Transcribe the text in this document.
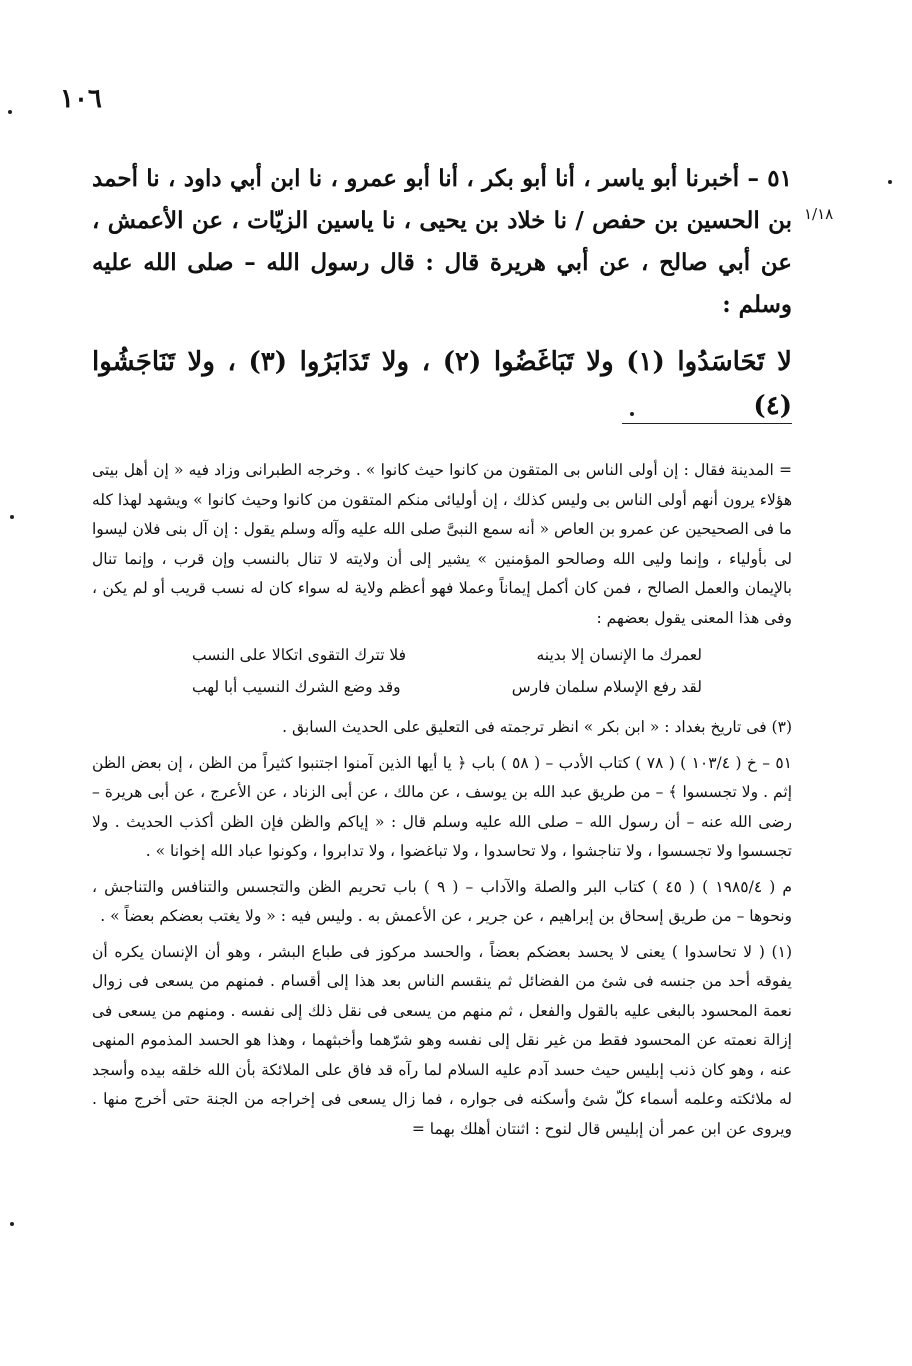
١٠٦
١/١٨
٥١ – أخبرنا أبو ياسر ، أنا أبو بكر ، أنا أبو عمرو ، نا ابن أبي داود ، نا أحمد بن الحسين بن حفص / نا خلاد بن يحيى ، نا ياسين الزيّات ، عن الأعمش ، عن أبي صالح ، عن أبي هريرة قال : قال رسول الله – صلى الله عليه وسلم :
لا تَحَاسَدُوا (١) ولا تَبَاغَضُوا (٢) ، ولا تَدَابَرُوا (٣) ، ولا تَنَاجَشُوا (٤)

= المدينة فقال : إن أولى الناس بى المتقون من كانوا حيث كانوا » . وخرجه الطبرانى وزاد فيه « إن أهل بيتى هؤلاء يرون أنهم أولى الناس بى وليس كذلك ، إن أوليائى منكم المتقون من كانوا وحيث كانوا » ويشهد لهذا كله ما فى الصحيحين عن عمرو بن العاص « أنه سمع النبىَّ صلى الله عليه وآله وسلم يقول : إن آل بنى فلان ليسوا لى بأولياء ، وإنما وليى الله وصالحو المؤمنين » يشير إلى أن ولايته لا تنال بالنسب وإن قرب ، وإنما تنال بالإيمان والعمل الصالح ، فمن كان أكمل إيماناً وعملا فهو أعظم ولاية له سواء كان له نسب قريب أو لم يكن ، وفى هذا المعنى يقول بعضهم :

لعمرك ما الإنسان إلا بدينه
فلا تترك التقوى اتكالا على النسب
لقد رفع الإسلام سلمان فارس
وقد وضع الشرك النسيب أبا لهب

(٣) فى تاريخ بغداد : « ابن بكر » انظر ترجمته فى التعليق على الحديث السابق .

٥١ – خ ( ١٠٣/٤ ) ( ٧٨ ) كتاب الأدب – ( ٥٨ ) باب ﴿ يا أيها الذين آمنوا اجتنبوا كثيراً من الظن ، إن بعض الظن إثم . ولا تجسسوا ﴾ – من طريق عبد الله بن يوسف ، عن مالك ، عن أبى الزناد ، عن الأعرج ، عن أبى هريرة – رضى الله عنه – أن رسول الله – صلى الله عليه وسلم قال : « إياكم والظن فإن الظن أكذب الحديث . ولا تجسسوا ولا تجسسوا ، ولا تناجشوا ، ولا تحاسدوا ، ولا تباغضوا ، ولا تدابروا ، وكونوا عباد الله إخوانا » .

م ( ١٩٨٥/٤ ) ( ٤٥ ) كتاب البر والصلة والآداب – ( ٩ ) باب تحريم الظن والتجسس والتنافس والتناجش ، ونحوها – من طريق إسحاق بن إبراهيم ، عن جرير ، عن الأعمش به . وليس فيه : « ولا يغتب بعضكم بعضاً » .

(١) ( لا تحاسدوا ) يعنى لا يحسد بعضكم بعضاً ، والحسد مركوز فى طباع البشر ، وهو أن الإنسان يكره أن يفوقه أحد من جنسه فى شئ من الفضائل ثم ينقسم الناس بعد هذا إلى أقسام . فمنهم من يسعى فى زوال نعمة المحسود بالبغى عليه بالقول والفعل ، ثم منهم من يسعى فى نقل ذلك إلى نفسه . ومنهم من يسعى فى إزالة نعمته عن المحسود فقط من غير نقل إلى نفسه وهو شرّهما وأخبثهما ، وهذا هو الحسد المذموم المنهى عنه ، وهو كان ذنب إبليس حيث حسد آدم عليه السلام لما رآه قد فاق على الملائكة بأن الله خلقه بيده وأسجد له ملائكته وعلمه أسماء كلّ شئ وأسكنه فى جواره ، فما زال يسعى فى إخراجه من الجنة حتى أخرج منها . ويروى عن ابن عمر أن إبليس قال لنوح : اثنتان أهلك بهما =
